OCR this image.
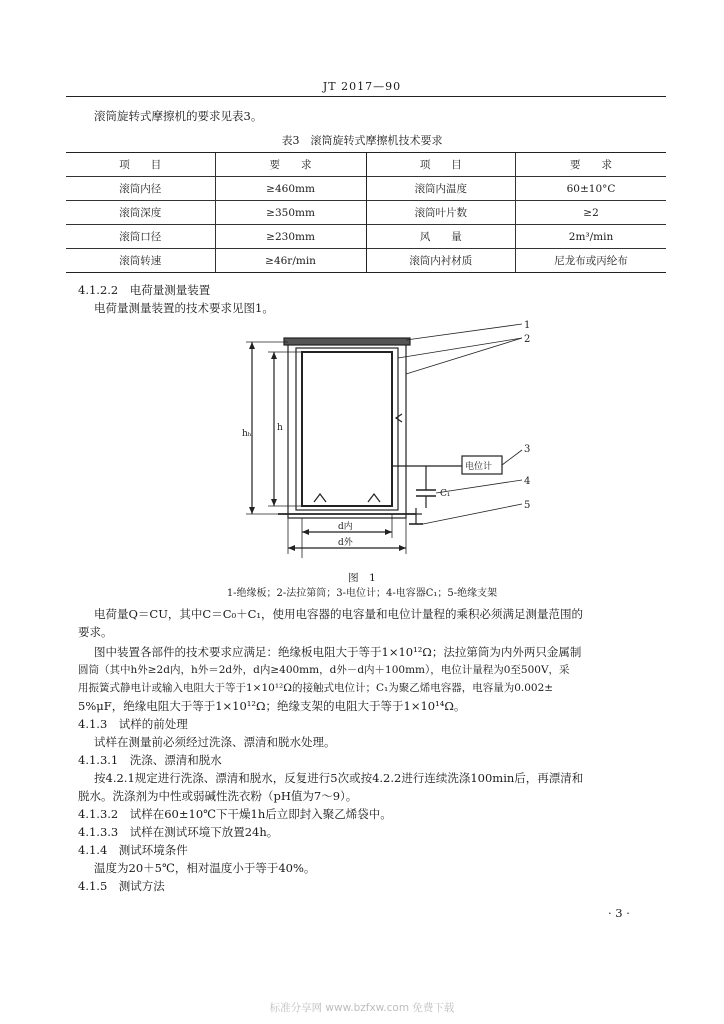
JT 2017—90
滚筒旋转式摩擦机的要求见表3。
表3　滚筒旋转式摩擦机技术要求
项　　目	要　　求	项　　目	要　　求
滚筒内径	≥460mm	滚筒内温度	60±10°C
滚筒深度	≥350mm	滚筒叶片数	≥2
滚筒口径	≥230mm	风　　量	2m³/min
滚筒转速	≥46r/min	滚筒内衬材质	尼龙布或丙纶布
4.1.2.2　电荷量测量装置
电荷量测量装置的技术要求见图1。
1
2
3
4
5
电位计
C₁
hₕ
h
d内
d外
图　1
1-绝缘板；2-法拉第筒；3-电位计；4-电容器C₁；5-绝缘支架
电荷量Q＝CU，其中C＝C₀＋C₁，使用电容器的电容量和电位计量程的乘积必须满足测量范围的
要求。
图中装置各部件的技术要求应满足：绝缘板电阻大于等于1×10¹²Ω；法拉第筒为内外两只金属制
圆筒（其中h外≥2d内，h外＝2d外，d内≥400mm，d外－d内＋100mm），电位计量程为0至500V，采
用振簧式静电计或输入电阻大于等于1×10¹²Ω的接触式电位计；C₁为聚乙烯电容器，电容量为0.002±
5%μF，绝缘电阻大于等于1×10¹²Ω；绝缘支架的电阻大于等于1×10¹⁴Ω。
4.1.3　试样的前处理
试样在测量前必须经过洗涤、漂清和脱水处理。
4.1.3.1　洗涤、漂清和脱水
按4.2.1规定进行洗涤、漂清和脱水，反复进行5次或按4.2.2进行连续洗涤100min后，再漂清和
脱水。洗涤剂为中性或弱碱性洗衣粉（pH值为7～9）。
4.1.3.2　试样在60±10℃下干燥1h后立即封入聚乙烯袋中。
4.1.3.3　试样在测试环境下放置24h。
4.1.4　测试环境条件
温度为20＋5℃，相对温度小于等于40%。
4.1.5　测试方法
· 3 ·
标准分享网 www.bzfxw.com 免费下载
